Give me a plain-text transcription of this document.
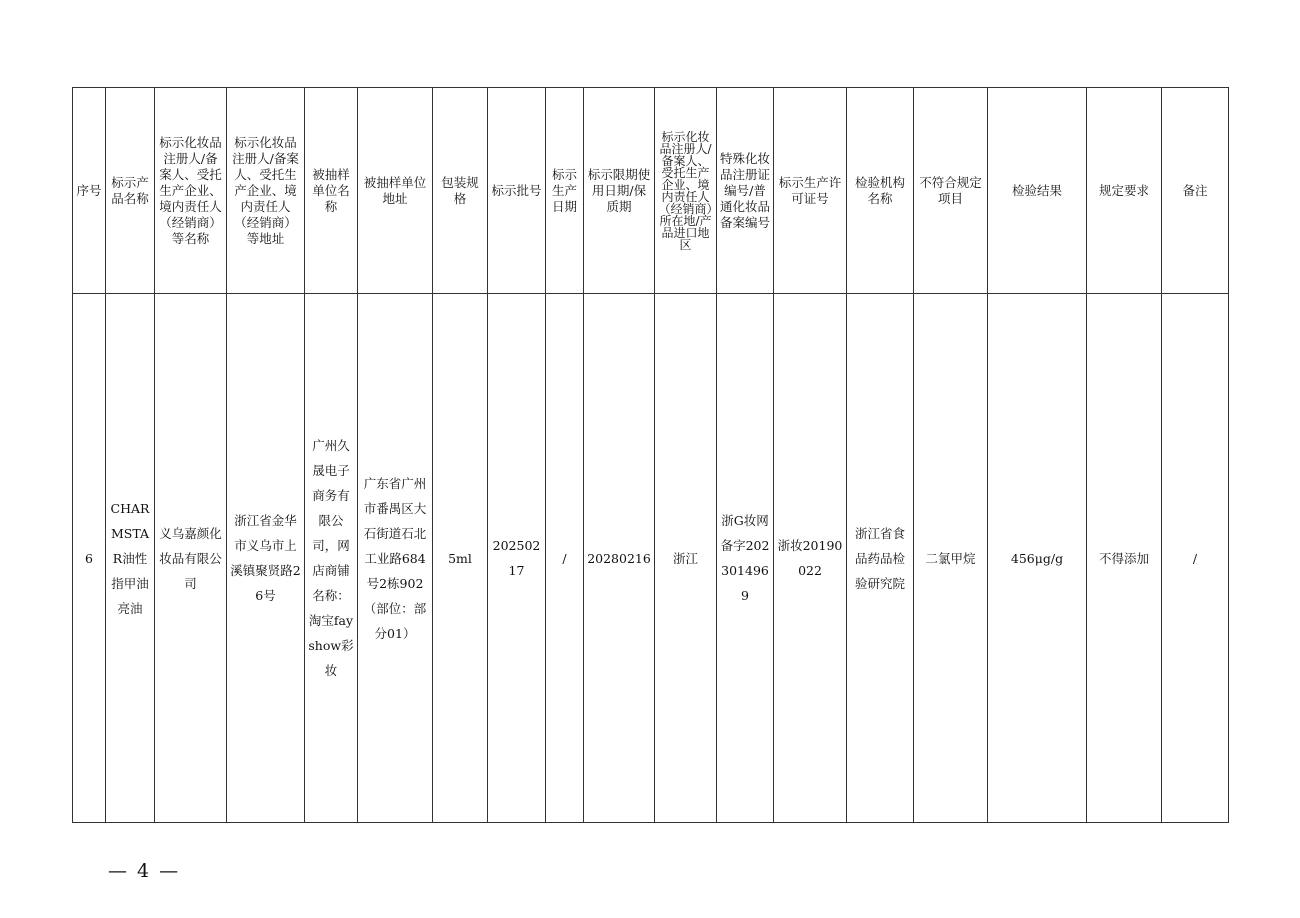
序号	标示产品名称	标示化妆品注册人/备案人、受托生产企业、境内责任人（经销商）等名称	标示化妆品注册人/备案人、受托生产企业、境内责任人（经销商）等地址	被抽样单位名称	被抽样单位地址	包装规格	标示批号	标示生产日期	标示限期使用日期/保质期	标示化妆品注册人/备案人、受托生产企业、境内责任人（经销商）所在地/产品进口地区	特殊化妆品注册证编号/普通化妆品备案编号	标示生产许可证号	检验机构名称	不符合规定项目	检验结果	规定要求	备注
6	CHARMSTAR油性指甲油亮油	义乌嘉颜化妆品有限公司	浙江省金华市义乌市上溪镇聚贤路26号	广州久晟电子商务有限公司，网店商铺名称：淘宝fayshow彩妆	广东省广州市番禺区大石街道石北工业路684号2栋902（部位：部分01）	5ml	20250217	/	20280216	浙江	浙G妆网备字2023014969	浙妆20190022	浙江省食品药品检验研究院	二氯甲烷	456μg/g	不得添加	/
— 4 —
